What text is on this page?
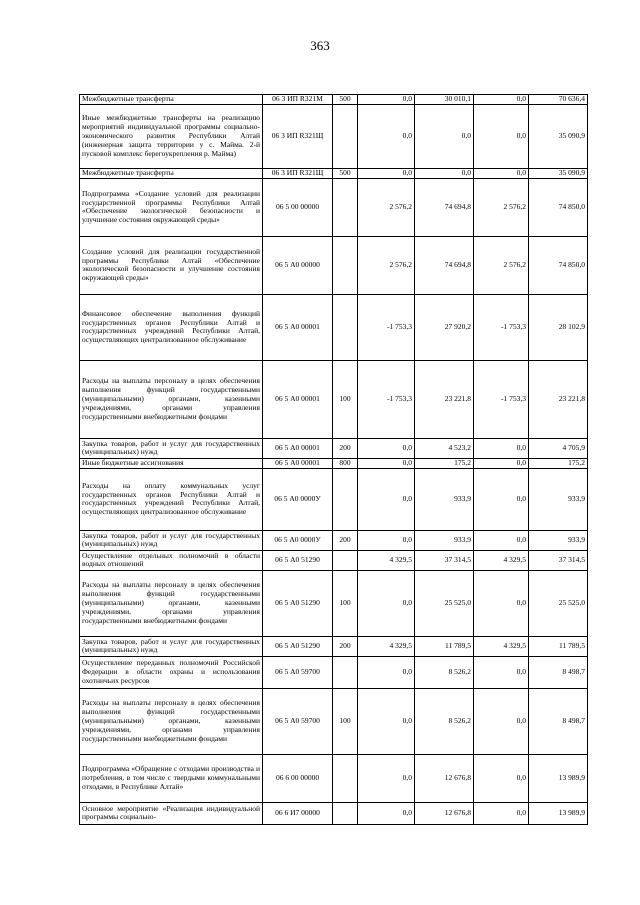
363
Межбюджетные трансферты	06 3 ИП R321М	500	0,0	30 010,1	0,0	70 636,4
Иные межбюджетные трансферты на реализацию мероприятий индивидуальной программы социально-экономического развития Республики Алтай (инженерная защита территории у с. Майма. 2-й пусковой комплекс берегоукрепления р. Майма)	06 3 ИП R321Щ		0,0	0,0	0,0	35 090,9
Межбюджетные трансферты	06 3 ИП R321Щ	500	0,0	0,0	0,0	35 090,9
Подпрограмма «Создание условий для реализации государственной программы Республики Алтай «Обеспечение экологической безопасности и улучшение состояния окружающей среды»	06 5 00 00000		2 576,2	74 694,8	2 576,2	74 850,0
Создание условий для реализации государственной программы Республики Алтай «Обеспечение экологической безопасности и улучшение состояния окружающей среды»	06 5 А0 00000		2 576,2	74 694,8	2 576,2	74 850,0
Финансовое обеспечение выполнения функций государственных органов Республики Алтай и государственных учреждений Республики Алтай, осуществляющих централизованное обслуживание	06 5 А0 00001		-1 753,3	27 920,2	-1 753,3	28 102,9
Расходы на выплаты персоналу в целях обеспечения выполнения функций государственными (муниципальными) органами, казенными учреждениями, органами управления государственными внебюджетными фондами	06 5 А0 00001	100	-1 753,3	23 221,8	-1 753,3	23 221,8
Закупка товаров, работ и услуг для государственных (муниципальных) нужд	06 5 А0 00001	200	0,0	4 523,2	0,0	4 705,9
Иные бюджетные ассигнования	06 5 А0 00001	800	0,0	175,2	0,0	175,2
Расходы на оплату коммунальных услуг государственных органов Республики Алтай и государственных учреждений Республики Алтай, осуществляющих централизованное обслуживание	06 5 А0 0000У		0,0	933,9	0,0	933,9
Закупка товаров, работ и услуг для государственных (муниципальных) нужд	06 5 А0 0000У	200	0,0	933,9	0,0	933,9
Осуществление отдельных полномочий в области водных отношений	06 5 А0 51290		4 329,5	37 314,5	4 329,5	37 314,5
Расходы на выплаты персоналу в целях обеспечения выполнения функций государственными (муниципальными) органами, казенными учреждениями, органами управления государственными внебюджетными фондами	06 5 А0 51290	100	0,0	25 525,0	0,0	25 525,0
Закупка товаров, работ и услуг для государственных (муниципальных) нужд	06 5 А0 51290	200	4 329,5	11 789,5	4 329,5	11 789,5
Осуществление переданных полномочий Российской Федерации в области охраны и использования охотничьих ресурсов	06 5 А0 59700		0,0	8 526,2	0,0	8 498,7
Расходы на выплаты персоналу в целях обеспечения выполнения функций государственными (муниципальными) органами, казенными учреждениями, органами управления государственными внебюджетными фондами	06 5 А0 59700	100	0,0	8 526,2	0,0	8 498,7
Подпрограмма «Обращение с отходами производства и потребления, в том числе с твердыми коммунальными отходами, в Республике Алтай»	06 6 00 00000		0,0	12 676,8	0,0	13 989,9
Основное мероприятие «Реализация индивидуальной программы социально-	06 6 И7 00000		0,0	12 676,8	0,0	13 989,9
